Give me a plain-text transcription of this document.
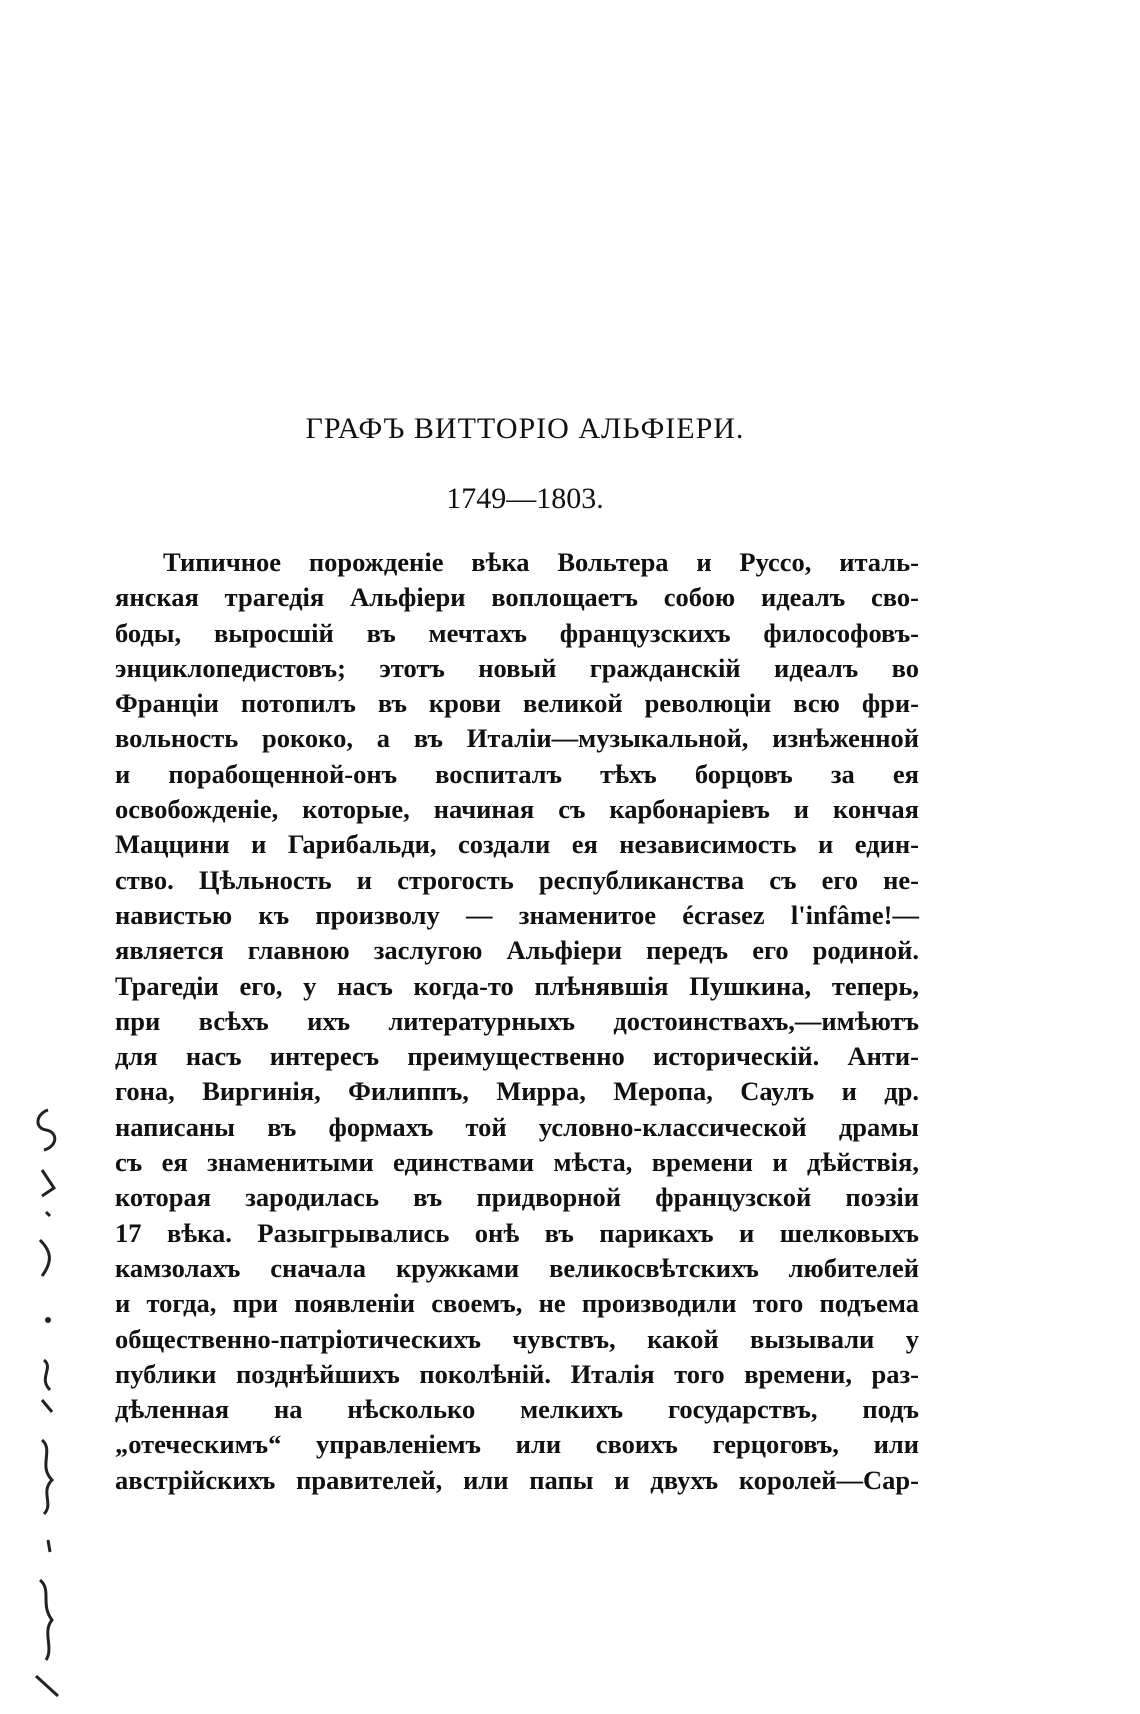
ГРАФЪ ВИТТОРIО АЛЬФIЕРИ.
1749—1803.
Типичное порожденіе вѣка Вольтера и Руссо, италь-
янская трагедія Альфіери воплощаетъ собою идеалъ сво-
боды, выросшій въ мечтахъ французскихъ философовъ-
энциклопедистовъ; этотъ новый гражданскій идеалъ во
Франціи потопилъ въ крови великой революціи всю фри-
вольность рококо, а въ Италіи—музыкальной, изнѣженной
и порабощенной-онъ воспиталъ тѣхъ борцовъ за ея
освобожденіе, которые, начиная съ карбонаріевъ и кончая
Маццини и Гарибальди, создали ея независимость и един-
ство. Цѣльность и строгость республиканства съ его не-
навистью къ произволу — знаменитое écrasez l'infâme!—
является главною заслугою Альфіери передъ его родиной.
Трагедіи его, у насъ когда-то плѣнявшія Пушкина, теперь,
при всѣхъ ихъ литературныхъ достоинствахъ,—имѣютъ
для насъ интересъ преимущественно историческій. Анти-
гона, Виргинія, Филиппъ, Мирра, Меропа, Саулъ и др.
написаны въ формахъ той условно-классической драмы
съ ея знаменитыми единствами мѣста, времени и дѣйствія,
которая зародилась въ придворной французской поэзіи
17 вѣка. Разыгрывались онѣ въ парикахъ и шелковыхъ
камзолахъ сначала кружками великосвѣтскихъ любителей
и тогда, при появленіи своемъ, не производили того подъема
общественно-патріотическихъ чувствъ, какой вызывали у
публики позднѣйшихъ поколѣній. Италія того времени, раз-
дѣленная на нѣсколько мелкихъ государствъ, подъ
„отеческимъ“ управленіемъ или своихъ герцоговъ, или
австрійскихъ правителей, или папы и двухъ королей—Сар-
